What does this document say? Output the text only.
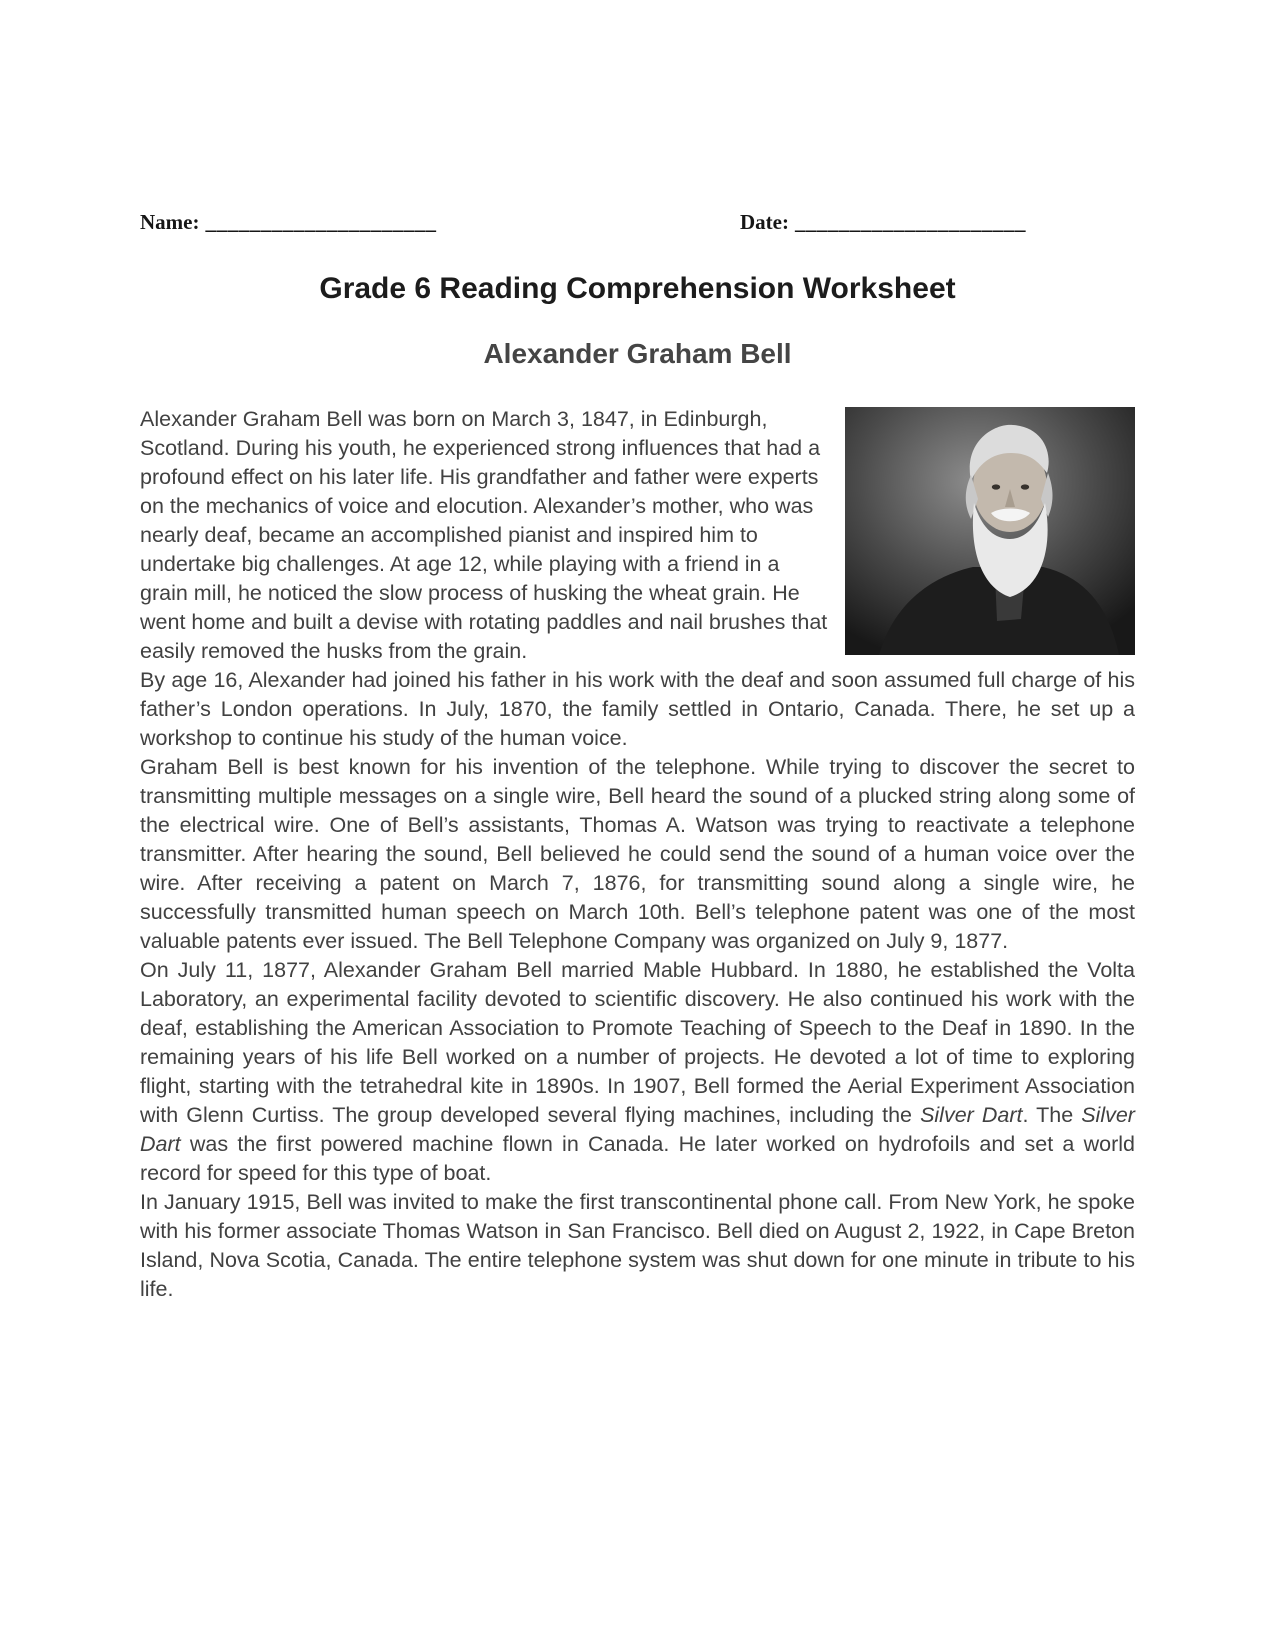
Name: _____________________	Date: _____________________
Grade 6 Reading Comprehension Worksheet
Alexander Graham Bell

Alexander Graham Bell was born on March 3, 1847, in Edinburgh, Scotland. During his youth, he experienced strong influences that had a profound effect on his later life. His grandfather and father were experts on the mechanics of voice and elocution. Alexander’s mother, who was nearly deaf, became an accomplished pianist and inspired him to undertake big challenges. At age 12, while playing with a friend in a grain mill, he noticed the slow process of husking the wheat grain. He went home and built a devise with rotating paddles and nail brushes that easily removed the husks from the grain.

By age 16, Alexander had joined his father in his work with the deaf and soon assumed full charge of his father’s London operations. In July, 1870, the family settled in Ontario, Canada. There, he set up a workshop to continue his study of the human voice.

Graham Bell is best known for his invention of the telephone. While trying to discover the secret to transmitting multiple messages on a single wire, Bell heard the sound of a plucked string along some of the electrical wire. One of Bell’s assistants, Thomas A. Watson was trying to reactivate a telephone transmitter. After hearing the sound, Bell believed he could send the sound of a human voice over the wire. After receiving a patent on March 7, 1876, for transmitting sound along a single wire, he successfully transmitted human speech on March 10th. Bell’s telephone patent was one of the most valuable patents ever issued. The Bell Telephone Company was organized on July 9, 1877.

On July 11, 1877, Alexander Graham Bell married Mable Hubbard. In 1880, he established the Volta Laboratory, an experimental facility devoted to scientific discovery. He also continued his work with the deaf, establishing the American Association to Promote Teaching of Speech to the Deaf in 1890. In the remaining years of his life Bell worked on a number of projects. He devoted a lot of time to exploring flight, starting with the tetrahedral kite in 1890s. In 1907, Bell formed the Aerial Experiment Association with Glenn Curtiss. The group developed several flying machines, including the Silver Dart. The Silver Dart was the first powered machine flown in Canada. He later worked on hydrofoils and set a world record for speed for this type of boat.

In January 1915, Bell was invited to make the first transcontinental phone call. From New York, he spoke with his former associate Thomas Watson in San Francisco. Bell died on August 2, 1922, in Cape Breton Island, Nova Scotia, Canada. The entire telephone system was shut down for one minute in tribute to his life.
